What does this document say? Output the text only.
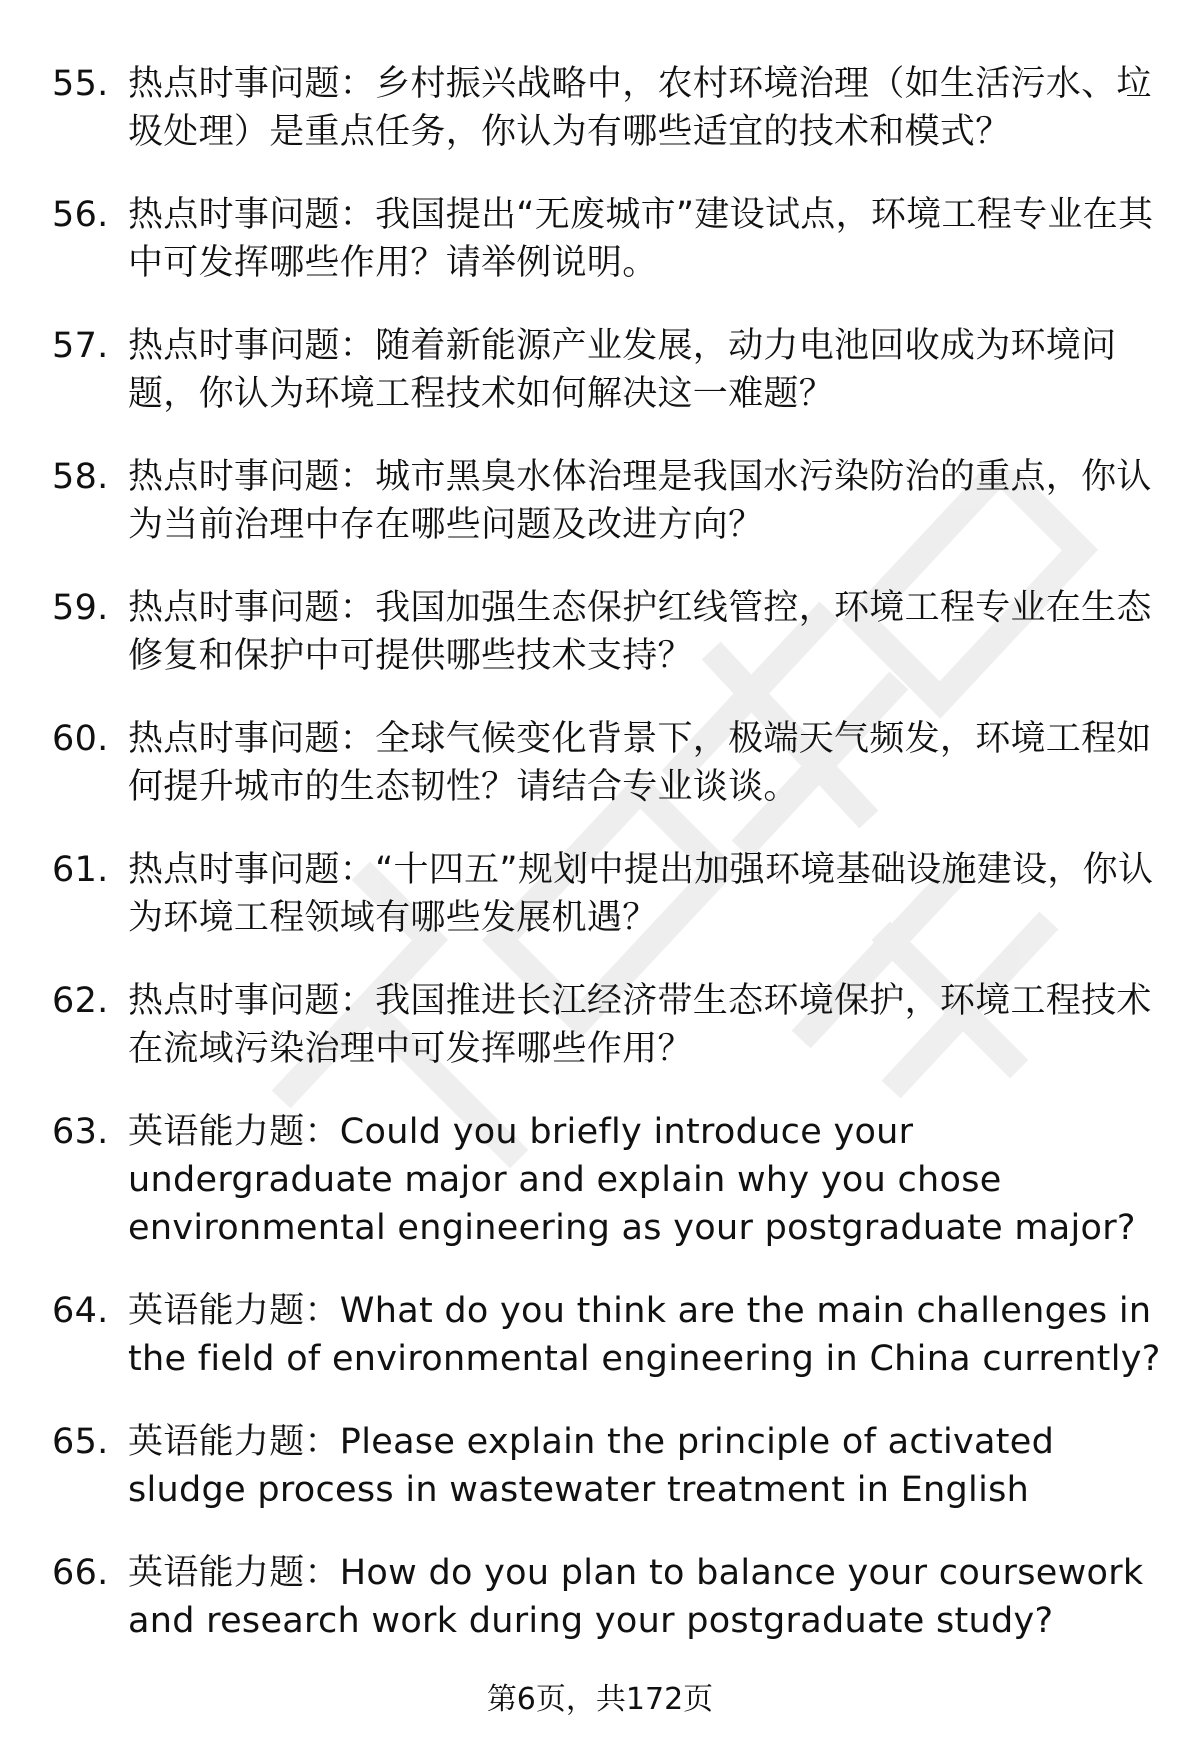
55. 热点时事问题：乡村振兴战略中，农村环境治理（如生活污水、垃圾处理）是重点任务，你认为有哪些适宜的技术和模式？
56. 热点时事问题：我国提出“无废城市”建设试点，环境工程专业在其中可发挥哪些作用？请举例说明。
57. 热点时事问题：随着新能源产业发展，动力电池回收成为环境问题，你认为环境工程技术如何解决这一难题？
58. 热点时事问题：城市黑臭水体治理是我国水污染防治的重点，你认为当前治理中存在哪些问题及改进方向？
59. 热点时事问题：我国加强生态保护红线管控，环境工程专业在生态修复和保护中可提供哪些技术支持？
60. 热点时事问题：全球气候变化背景下，极端天气频发，环境工程如何提升城市的生态韧性？请结合专业谈谈。
61. 热点时事问题：“十四五”规划中提出加强环境基础设施建设，你认为环境工程领域有哪些发展机遇？
62. 热点时事问题：我国推进长江经济带生态环境保护，环境工程技术在流域污染治理中可发挥哪些作用？
63. 英语能力题：Could you briefly introduce your undergraduate major and explain why you chose environmental engineering as your postgraduate major?
64. 英语能力题：What do you think are the main challenges in the field of environmental engineering in China currently?
65. 英语能力题：Please explain the principle of activated sludge process in wastewater treatment in English
66. 英语能力题：How do you plan to balance your coursework and research work during your postgraduate study?
第6页，共172页
